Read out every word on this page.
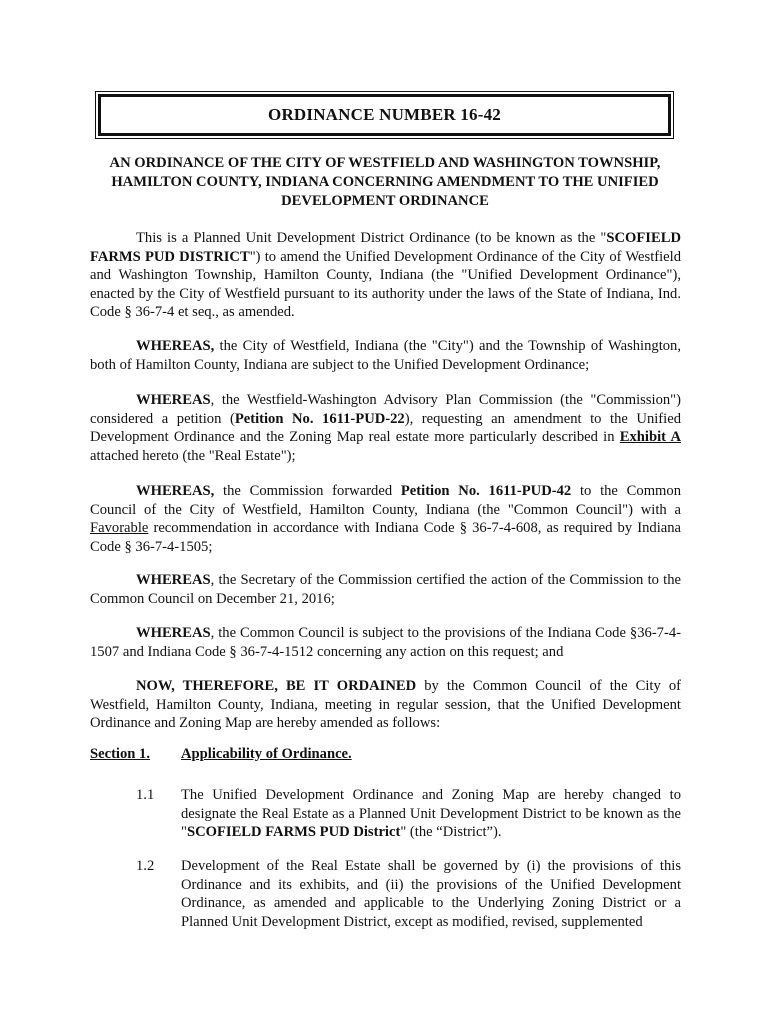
ORDINANCE NUMBER 16-42
AN ORDINANCE OF THE CITY OF WESTFIELD AND WASHINGTON TOWNSHIP, HAMILTON COUNTY, INDIANA CONCERNING AMENDMENT TO THE UNIFIED DEVELOPMENT ORDINANCE
This is a Planned Unit Development District Ordinance (to be known as the "SCOFIELD FARMS PUD DISTRICT") to amend the Unified Development Ordinance of the City of Westfield and Washington Township, Hamilton County, Indiana (the "Unified Development Ordinance"), enacted by the City of Westfield pursuant to its authority under the laws of the State of Indiana, Ind. Code § 36-7-4 et seq., as amended.
WHEREAS, the City of Westfield, Indiana (the "City") and the Township of Washington, both of Hamilton County, Indiana are subject to the Unified Development Ordinance;
WHEREAS, the Westfield-Washington Advisory Plan Commission (the "Commission") considered a petition (Petition No. 1611-PUD-22), requesting an amendment to the Unified Development Ordinance and the Zoning Map real estate more particularly described in Exhibit A attached hereto (the "Real Estate");
WHEREAS, the Commission forwarded Petition No. 1611-PUD-42 to the Common Council of the City of Westfield, Hamilton County, Indiana (the "Common Council") with a Favorable recommendation in accordance with Indiana Code § 36-7-4-608, as required by Indiana Code § 36-7-4-1505;
WHEREAS, the Secretary of the Commission certified the action of the Commission to the Common Council on December 21, 2016;
WHEREAS, the Common Council is subject to the provisions of the Indiana Code §36-7-4-1507 and Indiana Code § 36-7-4-1512 concerning any action on this request; and
NOW, THEREFORE, BE IT ORDAINED by the Common Council of the City of Westfield, Hamilton County, Indiana, meeting in regular session, that the Unified Development Ordinance and Zoning Map are hereby amended as follows:
Section 1. Applicability of Ordinance.
1.1 The Unified Development Ordinance and Zoning Map are hereby changed to designate the Real Estate as a Planned Unit Development District to be known as the "SCOFIELD FARMS PUD District" (the “District”).
1.2 Development of the Real Estate shall be governed by (i) the provisions of this Ordinance and its exhibits, and (ii) the provisions of the Unified Development Ordinance, as amended and applicable to the Underlying Zoning District or a Planned Unit Development District, except as modified, revised, supplemented
